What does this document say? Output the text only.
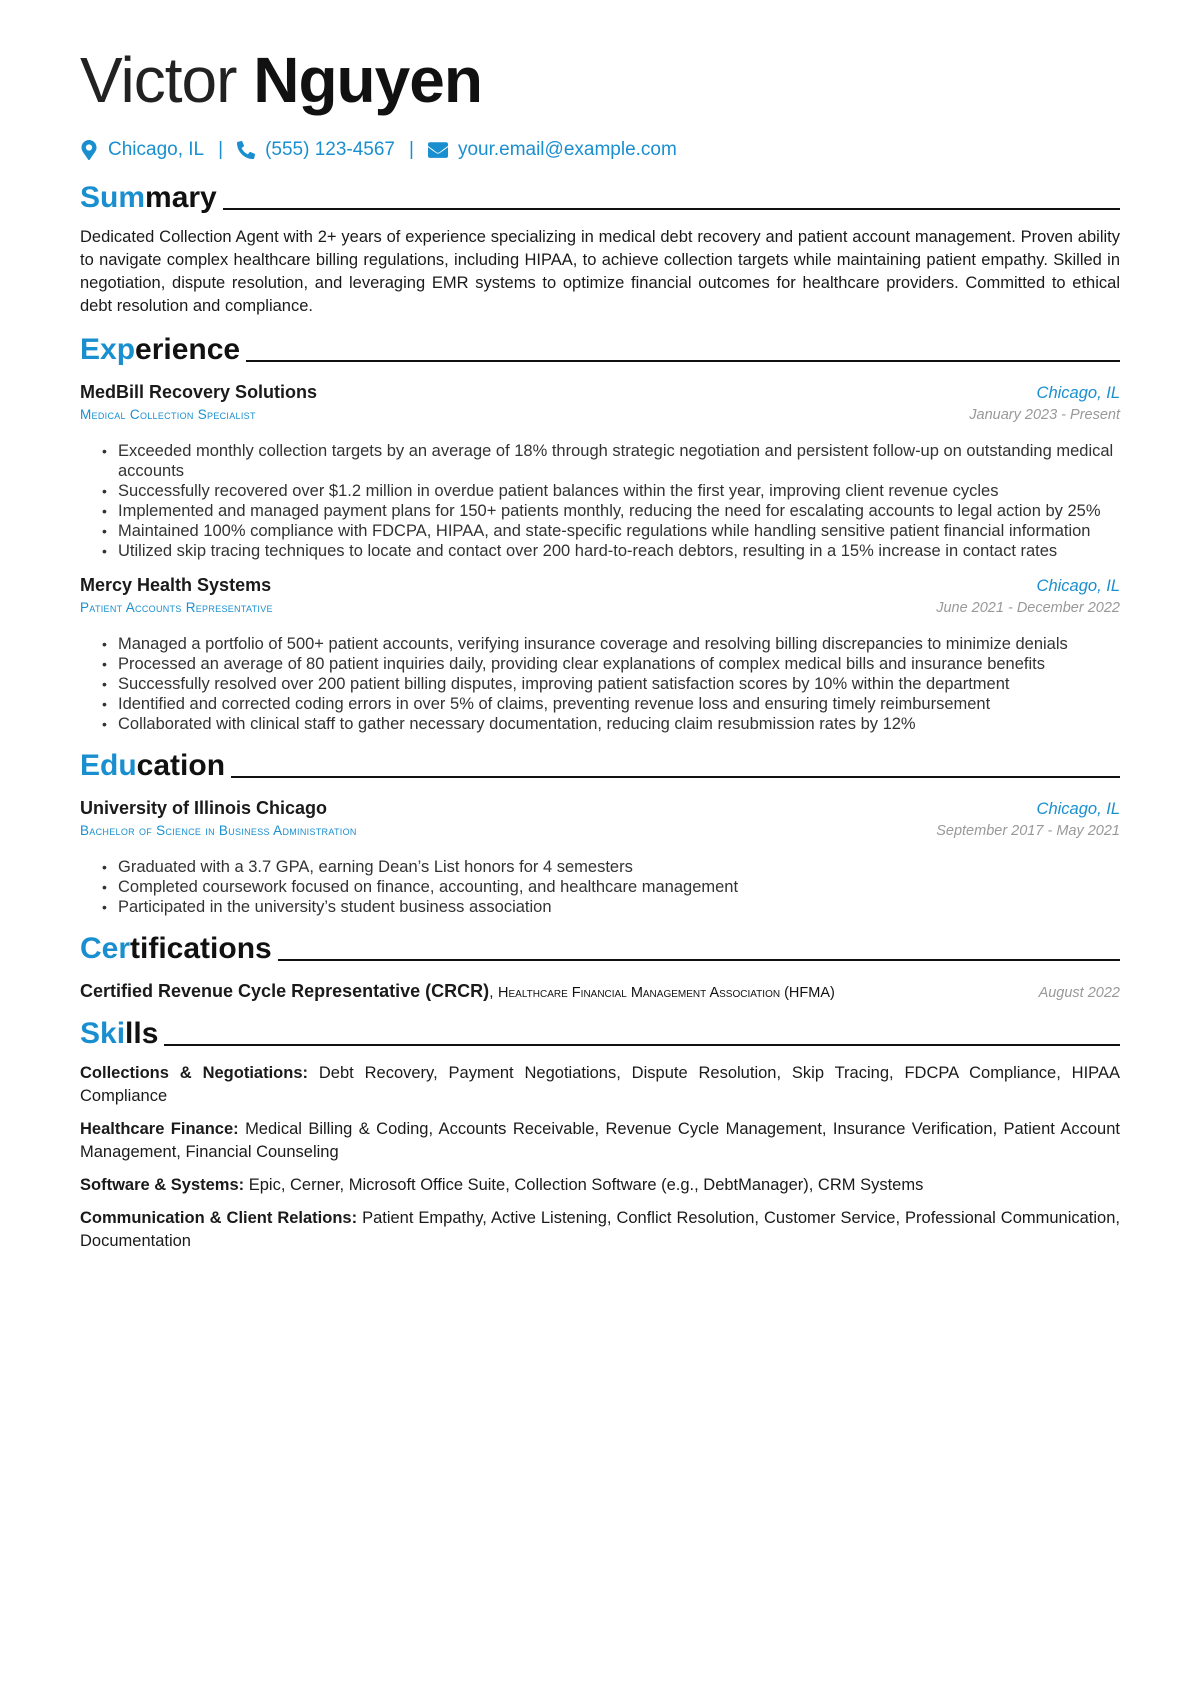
Victor Nguyen
Chicago, IL | (555) 123-4567 | your.email@example.com
Summary

Dedicated Collection Agent with 2+ years of experience specializing in medical debt recovery and patient account management. Proven ability to navigate complex healthcare billing regulations, including HIPAA, to achieve collection targets while maintaining patient empathy. Skilled in negotiation, dispute resolution, and leveraging EMR systems to optimize financial outcomes for healthcare providers. Committed to ethical debt resolution and compliance.

Experience
MedBill Recovery Solutions	Chicago, IL
Medical Collection Specialist	January 2023 - Present
• Exceeded monthly collection targets by an average of 18% through strategic negotiation and persistent follow-up on outstanding medical accounts
• Successfully recovered over $1.2 million in overdue patient balances within the first year, improving client revenue cycles
• Implemented and managed payment plans for 150+ patients monthly, reducing the need for escalating accounts to legal action by 25%
• Maintained 100% compliance with FDCPA, HIPAA, and state-specific regulations while handling sensitive patient financial information
• Utilized skip tracing techniques to locate and contact over 200 hard-to-reach debtors, resulting in a 15% increase in contact rates
Mercy Health Systems	Chicago, IL
Patient Accounts Representative	June 2021 - December 2022
• Managed a portfolio of 500+ patient accounts, verifying insurance coverage and resolving billing discrepancies to minimize denials
• Processed an average of 80 patient inquiries daily, providing clear explanations of complex medical bills and insurance benefits
• Successfully resolved over 200 patient billing disputes, improving patient satisfaction scores by 10% within the department
• Identified and corrected coding errors in over 5% of claims, preventing revenue loss and ensuring timely reimbursement
• Collaborated with clinical staff to gather necessary documentation, reducing claim resubmission rates by 12%
Education
University of Illinois Chicago	Chicago, IL
Bachelor of Science in Business Administration	September 2017 - May 2021
• Graduated with a 3.7 GPA, earning Dean’s List honors for 4 semesters
• Completed coursework focused on finance, accounting, and healthcare management
• Participated in the university’s student business association
Certifications
Certified Revenue Cycle Representative (CRCR), Healthcare Financial Management Association (HFMA)	August 2022
Skills
Collections & Negotiations: Debt Recovery, Payment Negotiations, Dispute Resolution, Skip Tracing, FDCPA Compliance, HIPAA Compliance
Healthcare Finance: Medical Billing & Coding, Accounts Receivable, Revenue Cycle Management, Insurance Verification, Patient Account Management, Financial Counseling
Software & Systems: Epic, Cerner, Microsoft Office Suite, Collection Software (e.g., DebtManager), CRM Systems
Communication & Client Relations: Patient Empathy, Active Listening, Conflict Resolution, Customer Service, Professional Communication, Documentation
